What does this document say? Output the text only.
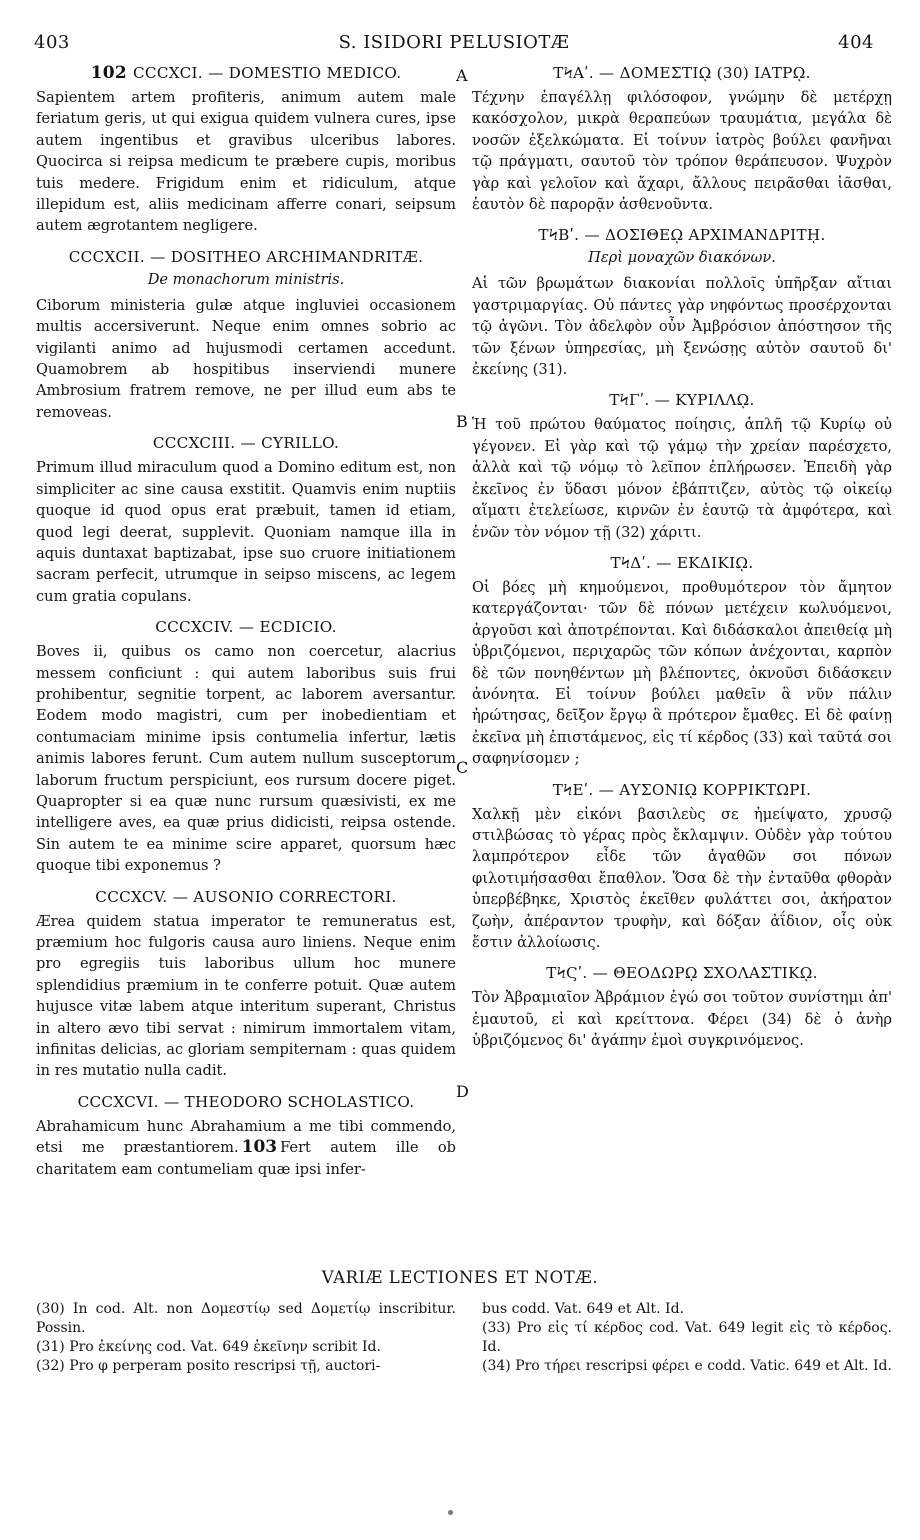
403	S. ISIDORI PELUSIOTÆ	404
A
B
C
D
102 CCCXCI. — DOMESTIO MEDICO.

Sapientem artem profiteris, animum autem male feriatum geris, ut qui exigua quidem vulnera cures, ipse autem ingentibus et gravibus ulceribus labores. Quocirca si reipsa medicum te præbere cupis, moribus tuis medere. Frigidum enim et ridiculum, atque illepidum est, aliis medicinam afferre conari, seipsum autem ægrotantem negligere.

CCCXCII. — DOSITHEO ARCHIMANDRITÆ.
De monachorum ministris.

Ciborum ministeria gulæ atque ingluviei occasionem multis accersiverunt. Neque enim omnes sobrio ac vigilanti animo ad hujusmodi certamen accedunt. Quamobrem ab hospitibus inserviendi munere Ambrosium fratrem remove, ne per illud eum abs te removeas.

CCCXCIII. — CYRILLO.

Primum illud miraculum quod a Domino editum est, non simpliciter ac sine causa exstitit. Quamvis enim nuptiis quoque id quod opus erat præbuit, tamen id etiam, quod legi deerat, supplevit. Quoniam namque illa in aquis duntaxat baptizabat, ipse suo cruore initiationem sacram perfecit, utrumque in seipso miscens, ac legem cum gratia copulans.

CCCXCIV. — ECDICIO.

Boves ii, quibus os camo non coercetur, alacrius messem conficiunt : qui autem laboribus suis frui prohibentur, segnitie torpent, ac laborem aversantur. Eodem modo magistri, cum per inobedientiam et contumaciam minime ipsis contumelia infertur, lætis animis labores ferunt. Cum autem nullum susceptorum laborum fructum perspiciunt, eos rursum docere piget. Quapropter si ea quæ nunc rursum quæsivisti, ex me intelligere aves, ea quæ prius didicisti, reipsa ostende. Sin autem te ea minime scire apparet, quorsum hæc quoque tibi exponemus ?

CCCXCV. — AUSONIO CORRECTORI.

Ærea quidem statua imperator te remuneratus est, præmium hoc fulgoris causa auro liniens. Neque enim pro egregiis tuis laboribus ullum hoc munere splendidius præmium in te conferre potuit. Quæ autem hujusce vitæ labem atque interitum superant, Christus in altero ævo tibi servat : nimirum immortalem vitam, infinitas delicias, ac gloriam sempiternam : quas quidem in res mutatio nulla cadit.

CCCXCVI. — THEODORO SCHOLASTICO.

Abrahamicum hunc Abrahamium a me tibi commendo, etsi me præstantiorem. 103 Fert autem ille ob charitatem eam contumeliam quæ ipsi infer-

ΤϞΑʹ. — ΔΟΜΕΣΤΙῼ (30) ΙΑΤΡῼ.

Τέχνην ἐπαγέλλῃ φιλόσοφον, γνώμην δὲ μετέρχῃ κακόσχολον, μικρὰ θεραπεύων τραυμάτια, μεγάλα δὲ νοσῶν ἐξελκώματα. Εἰ τοίνυν ἰατρὸς βούλει φανῆναι τῷ πράγματι, σαυτοῦ τὸν τρόπον θεράπευσον. Ψυχρὸν γὰρ καὶ γελοῖον καὶ ἄχαρι, ἄλλους πειρᾶσθαι ἰᾶσθαι, ἑαυτὸν δὲ παρορᾷν ἀσθενοῦντα.

ΤϞΒʹ. — ΔΟΣΙΘΕῼ ΑΡΧΙΜΑΝΔΡΙΤῌ.
Περὶ μοναχῶν διακόνων.

Αἱ τῶν βρωμάτων διακονίαι πολλοῖς ὑπῆρξαν αἴτιαι γαστριμαργίας. Οὐ πάντες γὰρ νηφόντως προσέρχονται τῷ ἀγῶνι. Τὸν ἀδελφὸν οὖν Ἀμβρόσιον ἀπόστησον τῆς τῶν ξένων ὑπηρεσίας, μὴ ξενώσῃς αὐτὸν σαυτοῦ δι' ἐκείνης (31).

ΤϞΓʹ. — ΚΥΡΙΛΛῼ.

Ἡ τοῦ πρώτου θαύματος ποίησις, ἁπλῆ τῷ Κυρίῳ οὐ γέγονεν. Εἰ γὰρ καὶ τῷ γάμῳ τὴν χρείαν παρέσχετο, ἀλλὰ καὶ τῷ νόμῳ τὸ λεῖπον ἐπλήρωσεν. Ἐπειδὴ γὰρ ἐκεῖνος ἐν ὕδασι μόνον ἐβάπτιζεν, αὐτὸς τῷ οἰκείῳ αἵματι ἐτελείωσε, κιρνῶν ἐν ἑαυτῷ τὰ ἀμφότερα, καὶ ἑνῶν τὸν νόμον τῇ (32) χάριτι.

ΤϞΔʹ. — ΕΚΔΙΚΙῼ.

Οἱ βόες μὴ κημούμενοι, προθυμότερον τὸν ἄμητον κατεργάζονται· τῶν δὲ πόνων μετέχειν κωλυόμενοι, ἀργοῦσι καὶ ἀποτρέπονται. Καὶ διδάσκαλοι ἀπειθείᾳ μὴ ὑβριζόμενοι, περιχαρῶς τῶν κόπων ἀνέχονται, καρπὸν δὲ τῶν πονηθέντων μὴ βλέποντες, ὀκνοῦσι διδάσκειν ἀνόνητα. Εἰ τοίνυν βούλει μαθεῖν ἃ νῦν πάλιν ἠρώτησας, δεῖξον ἔργῳ ἃ πρότερον ἔμαθες. Εἰ δὲ φαίνῃ ἐκεῖνα μὴ ἐπιστάμενος, εἰς τί κέρδος (33) καὶ ταῦτά σοι σαφηνίσομεν ;

ΤϞΕʹ. — ΑΥΣΟΝΙῼ ΚΟΡΡΙΚΤΩΡΙ.

Χαλκῇ μὲν εἰκόνι βασιλεὺς σε ἠμείψατο, χρυσῷ στιλβώσας τὸ γέρας πρὸς ἔκλαμψιν. Οὐδὲν γὰρ τούτου λαμπρότερον εἶδε τῶν ἀγαθῶν σοι πόνων φιλοτιμήσασθαι ἔπαθλον. Ὅσα δὲ τὴν ἐνταῦθα φθορὰν ὑπερβέβηκε, Χριστὸς ἐκεῖθεν φυλάττει σοι, ἀκήρατον ζωὴν, ἀπέραντον τρυφὴν, καὶ δόξαν ἀΐδιον, οἷς οὐκ ἔστιν ἀλλοίωσις.

ΤϞϚʹ. — ΘΕΟΔΩΡῼ ΣΧΟΛΑΣΤΙΚῼ.

Τὸν Ἀβραμιαῖον Ἀβράμιον ἐγώ σοι τοῦτον συνίστημι ἀπ' ἐμαυτοῦ, εἰ καὶ κρείττονα. Φέρει (34) δὲ ὁ ἀνὴρ ὑβριζόμενος δι' ἀγάπην ἐμοὶ συγκρινόμενος.

VARIÆ LECTIONES ET NOTÆ.

(30) In cod. Alt. non Δομεστίῳ sed Δομετίῳ inscribitur. Possin.

(31) Pro ἐκείνης cod. Vat. 649 ἐκεῖνην scribit Id.

(32) Pro φ perperam posito rescripsi τῇ, auctori-

bus codd. Vat. 649 et Alt. Id.

(33) Pro εἰς τί κέρδος cod. Vat. 649 legit εἰς τὸ κέρδος. Id.

(34) Pro τήρει rescripsi φέρει e codd. Vatic. 649 et Alt. Id.
